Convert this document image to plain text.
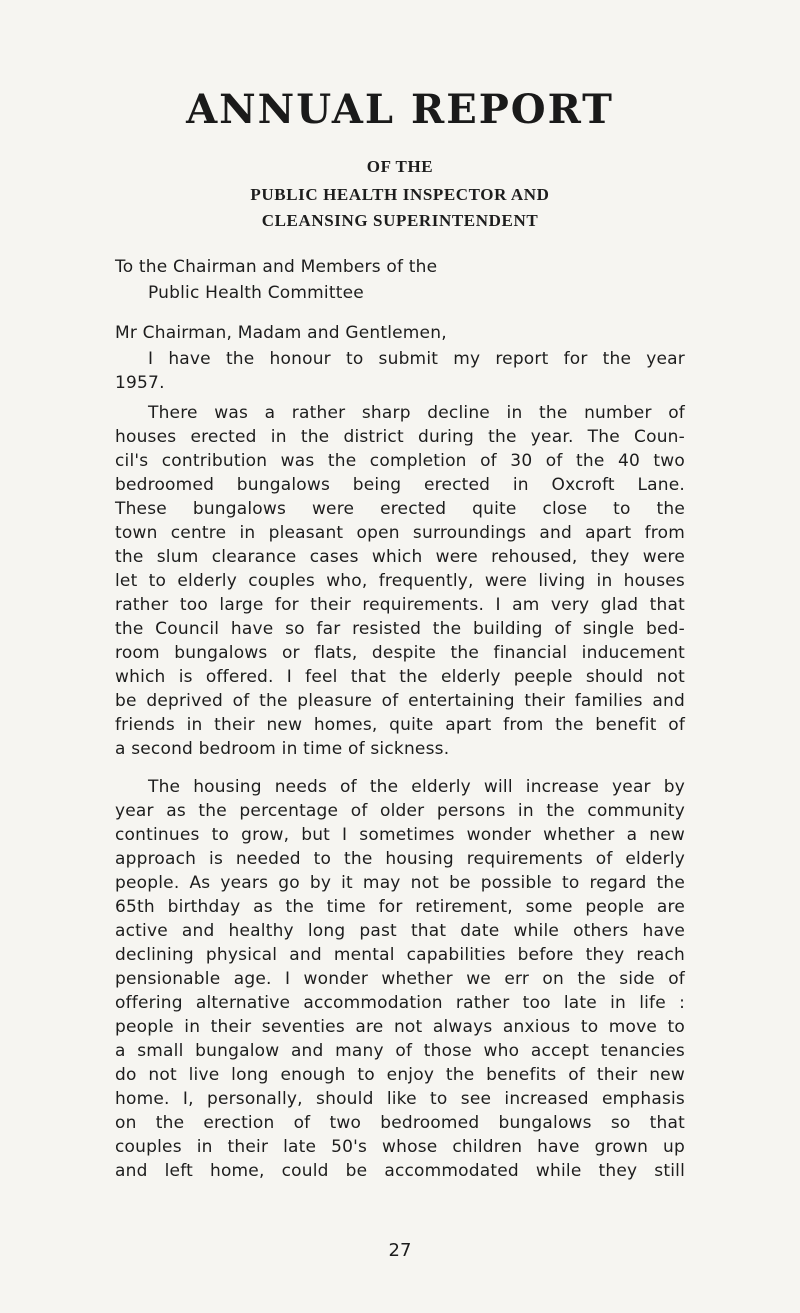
ANNUAL REPORT
OF THE
PUBLIC HEALTH INSPECTOR AND
CLEANSING SUPERINTENDENT
To the Chairman and Members of the
Public Health Committee
Mr Chairman, Madam and Gentlemen,
I have the honour to submit my report for the year
1957.
There was a rather sharp decline in the number of
houses erected in the district during the year. The Coun-
cil's contribution was the completion of 30 of the 40 two
bedroomed bungalows being erected in Oxcroft Lane.
These bungalows were erected quite close to the
town centre in pleasant open surroundings and apart from
the slum clearance cases which were rehoused, they were
let to elderly couples who, frequently, were living in houses
rather too large for their requirements. I am very glad that
the Council have so far resisted the building of single bed-
room bungalows or flats, despite the financial inducement
which is offered. I feel that the elderly peeple should not
be deprived of the pleasure of entertaining their families and
friends in their new homes, quite apart from the benefit of
a second bedroom in time of sickness.
The housing needs of the elderly will increase year by
year as the percentage of older persons in the community
continues to grow, but I sometimes wonder whether a new
approach is needed to the housing requirements of elderly
people. As years go by it may not be possible to regard the
65th birthday as the time for retirement, some people are
active and healthy long past that date while others have
declining physical and mental capabilities before they reach
pensionable age. I wonder whether we err on the side of
offering alternative accommodation rather too late in life :
people in their seventies are not always anxious to move to
a small bungalow and many of those who accept tenancies
do not live long enough to enjoy the benefits of their new
home. I, personally, should like to see increased emphasis
on the erection of two bedroomed bungalows so that
couples in their late 50's whose children have grown up
and left home, could be accommodated while they still
27
